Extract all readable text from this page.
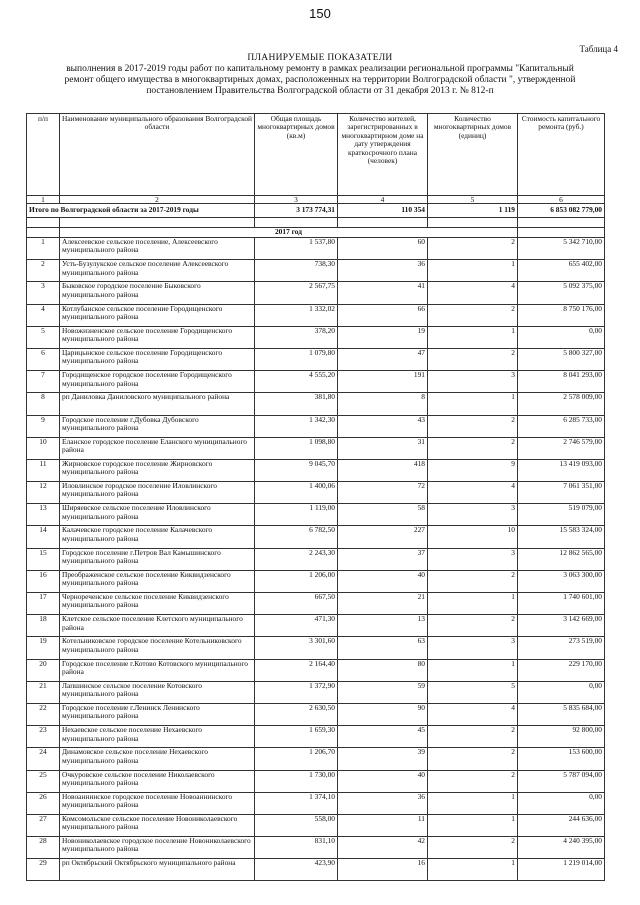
150
Таблица 4
ПЛАНИРУЕМЫЕ ПОКАЗАТЕЛИ
выполнения в 2017-2019 годы работ по капитальному ремонту в рамках реализации региональной программы "Капитальный
ремонт общего имущества в многоквартирных домах, расположенных на территории Волгоградской области ", утвержденной
постановлением Правительства Волгоградской области от 31 декабря 2013 г. № 812-п
п/п	Наименование муниципального образования Волгоградской области	Общая площадь многоквартирных домов (кв.м)	Количество жителей, зарегистрированных в многоквартирном доме на дату утверждения краткосрочного плана (человек)	Количество многоквартирных домов (единиц)	Стоимость капитального ремонта (руб.)
1	2	3	4	5	6
Итого по Волгоградской области за 2017-2019 годы		3 173 774,31	110 354	1 119	6 853 082 779,00

	2017 год				
1	Алексеевское сельское поселение, Алексеевского муниципального района	1 537,80	60	2	5 342 710,00
2	Усть-Бузулукское сельское поселение Алексеевского муниципального района	738,30	36	1	655 402,00
3	Быковское городское поселение Быковского муниципального района	2 567,75	41	4	5 092 375,00
4	Котлубанское сельское поселение Городищенского муниципального района	1 332,02	66	2	8 750 176,00
5	Новожизненское сельское поселение Городищенского муниципального района	378,20	19	1	0,00
6	Царицынское сельское поселение Городищенского муниципального района	1 079,80	47	2	5 800 327,00
7	Городищенское городское поселение Городищенского муниципального района	4 555,20	191	3	8 041 293,00
8	рп Даниловка Даниловского муниципального района	381,80	8	1	2 578 009,00
9	Городское поселение г.Дубовка Дубовского муниципального района	1 342,30	43	2	6 285 733,00
10	Еланское городское поселение Еланского муниципального района	1 098,80	31	2	2 746 579,00
11	Жирновское городское поселение Жирновского муниципального района	9 045,70	418	9	13 419 093,00
12	Иловлинское городское поселение Иловлинского муниципального района	1 400,06	72	4	7 061 351,00
13	Ширяевское сельское поселение Иловлинского муниципального района	1 119,00	58	3	519 079,00
14	Калачевское городское поселение Калачевского муниципального района	6 782,50	227	10	15 583 324,00
15	Городское поселение г.Петров Вал Камышинского муниципального района	2 243,30	37	3	12 862 565,00
16	Преображенское сельское поселение Киквидзенского муниципального района	1 206,00	40	2	3 063 300,00
17	Чернореченское сельское поселение Киквидзенского муниципального района	667,50	21	1	1 740 601,00
18	Клетское сельское поселение Клетского муниципального района	471,30	13	2	3 142 669,00
19	Котельниковское городское поселение Котельниковского муниципального района	3 301,60	63	3	273 519,00
20	Городское поселение г.Котово Котовского муниципального района	2 164,40	80	1	229 170,00
21	Лапшинское сельское поселение Котовского муниципального района	1 372,90	59	5	0,00
22	Городское поселение г.Ленинск Ленинского муниципального района	2 630,50	90	4	5 835 684,00
23	Нехаевское сельское поселение Нехаевского муниципального района	1 659,30	45	2	92 800,00
24	Динамовское сельское поселение Нехаевского муниципального района	1 206,70	39	2	153 600,00
25	Очкуровское сельское поселение Николаевского муниципального района	1 730,00	40	2	5 787 094,00
26	Новоаннинское городское поселение Новоаннинского муниципального района	1 374,10	36	1	0,00
27	Комсомольское сельское поселение Новониколаевского муниципального района	558,00	11	1	244 636,00
28	Новониколаевское городское поселение Новониколаевского муниципального района	831,10	42	2	4 240 395,00
29	рп Октябрьский Октябрьского муниципального района	423,90	16	1	1 219 014,00
